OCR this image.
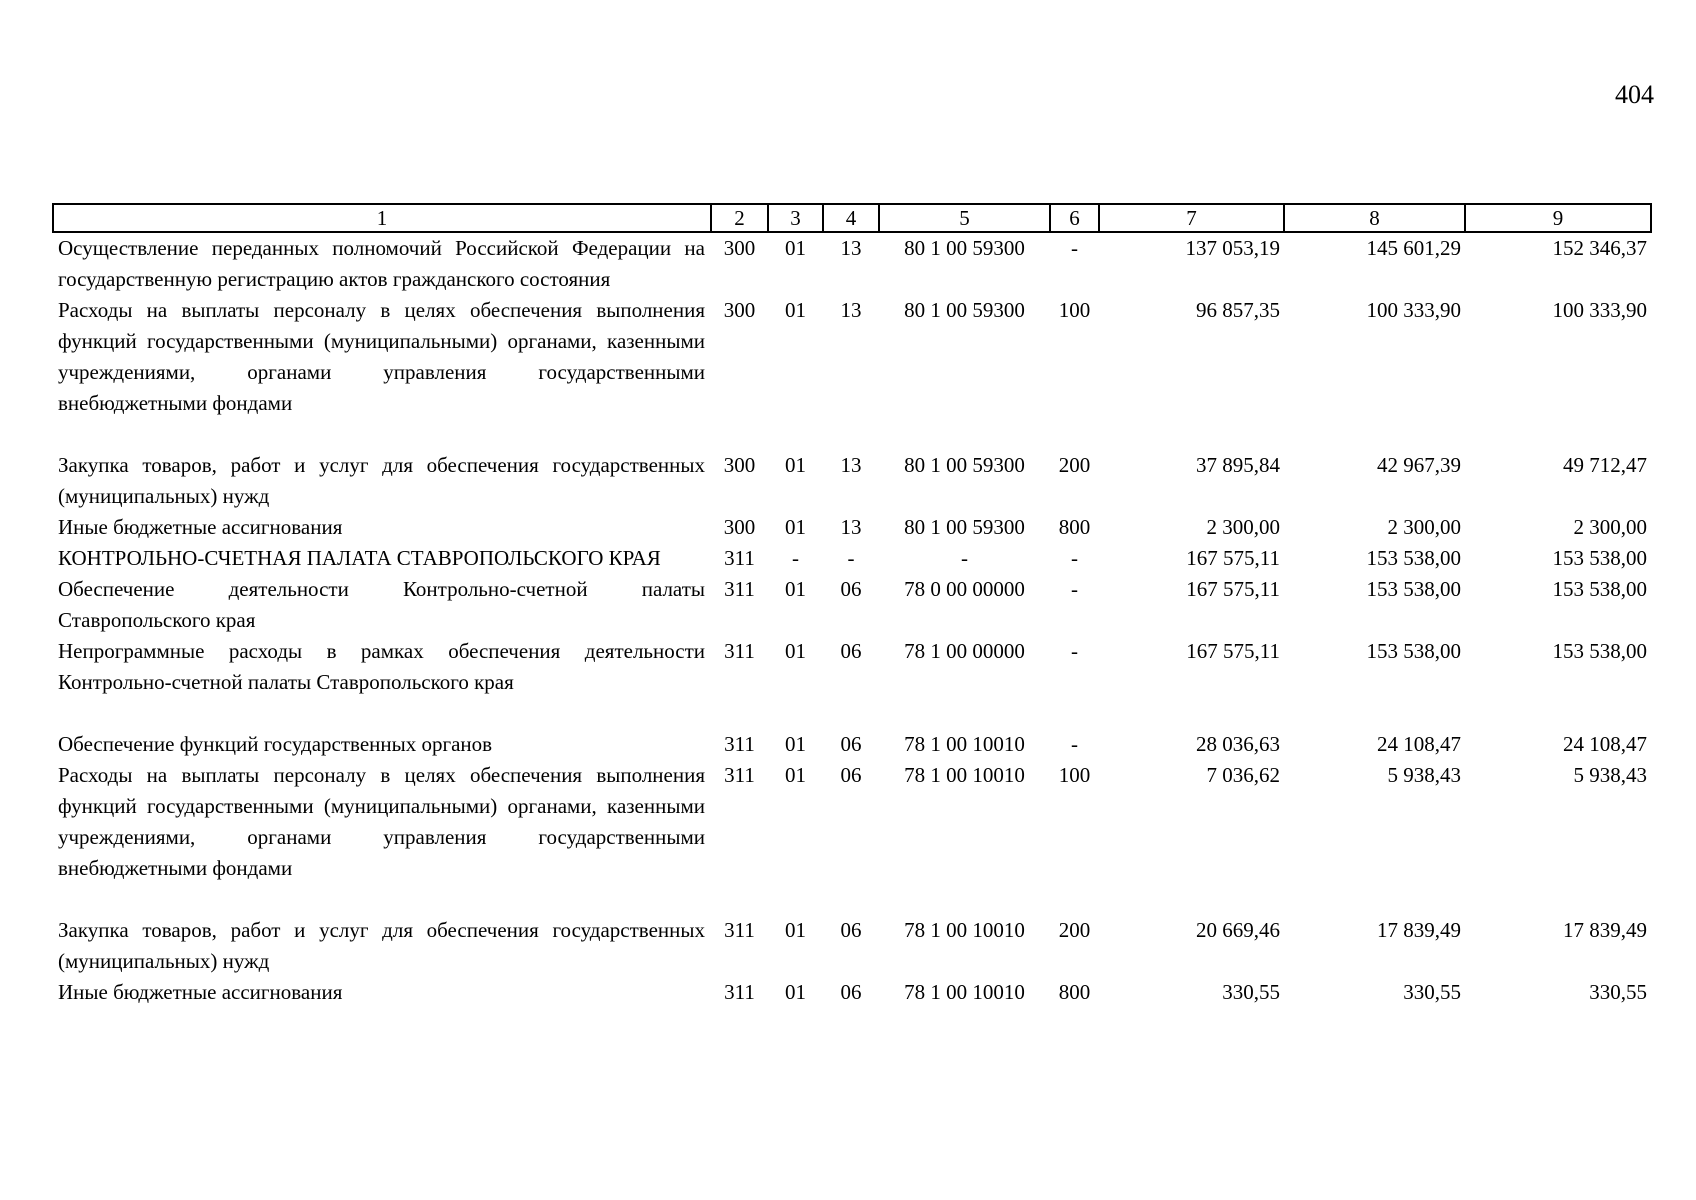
404
1	2	3	4	5	6	7	8	9
Осуществление переданных полномочий Российской Федерации на государственную регистрацию актов гражданского состояния	300	01	13	80 1 00 59300	-	137 053,19	145 601,29	152 346,37
Расходы на выплаты персоналу в целях обеспечения выполнения функций государственными (муниципальными) органами, казенными учреждениями, органами управления государственными внебюджетными фондами	300	01	13	80 1 00 59300	100	96 857,35	100 333,90	100 333,90
Закупка товаров, работ и услуг для обеспечения государственных (муниципальных) нужд	300	01	13	80 1 00 59300	200	37 895,84	42 967,39	49 712,47
Иные бюджетные ассигнования	300	01	13	80 1 00 59300	800	2 300,00	2 300,00	2 300,00
КОНТРОЛЬНО-СЧЕТНАЯ ПАЛАТА СТАВРОПОЛЬСКОГО КРАЯ	311	-	-	-	-	167 575,11	153 538,00	153 538,00
Обеспечение деятельности Контрольно-счетной палаты Ставропольского края	311	01	06	78 0 00 00000	-	167 575,11	153 538,00	153 538,00
Непрограммные расходы в рамках обеспечения деятельности Контрольно-счетной палаты Ставропольского края	311	01	06	78 1 00 00000	-	167 575,11	153 538,00	153 538,00
Обеспечение функций государственных органов	311	01	06	78 1 00 10010	-	28 036,63	24 108,47	24 108,47
Расходы на выплаты персоналу в целях обеспечения выполнения функций государственными (муниципальными) органами, казенными учреждениями, органами управления государственными внебюджетными фондами	311	01	06	78 1 00 10010	100	7 036,62	5 938,43	5 938,43
Закупка товаров, работ и услуг для обеспечения государственных (муниципальных) нужд	311	01	06	78 1 00 10010	200	20 669,46	17 839,49	17 839,49
Иные бюджетные ассигнования	311	01	06	78 1 00 10010	800	330,55	330,55	330,55
